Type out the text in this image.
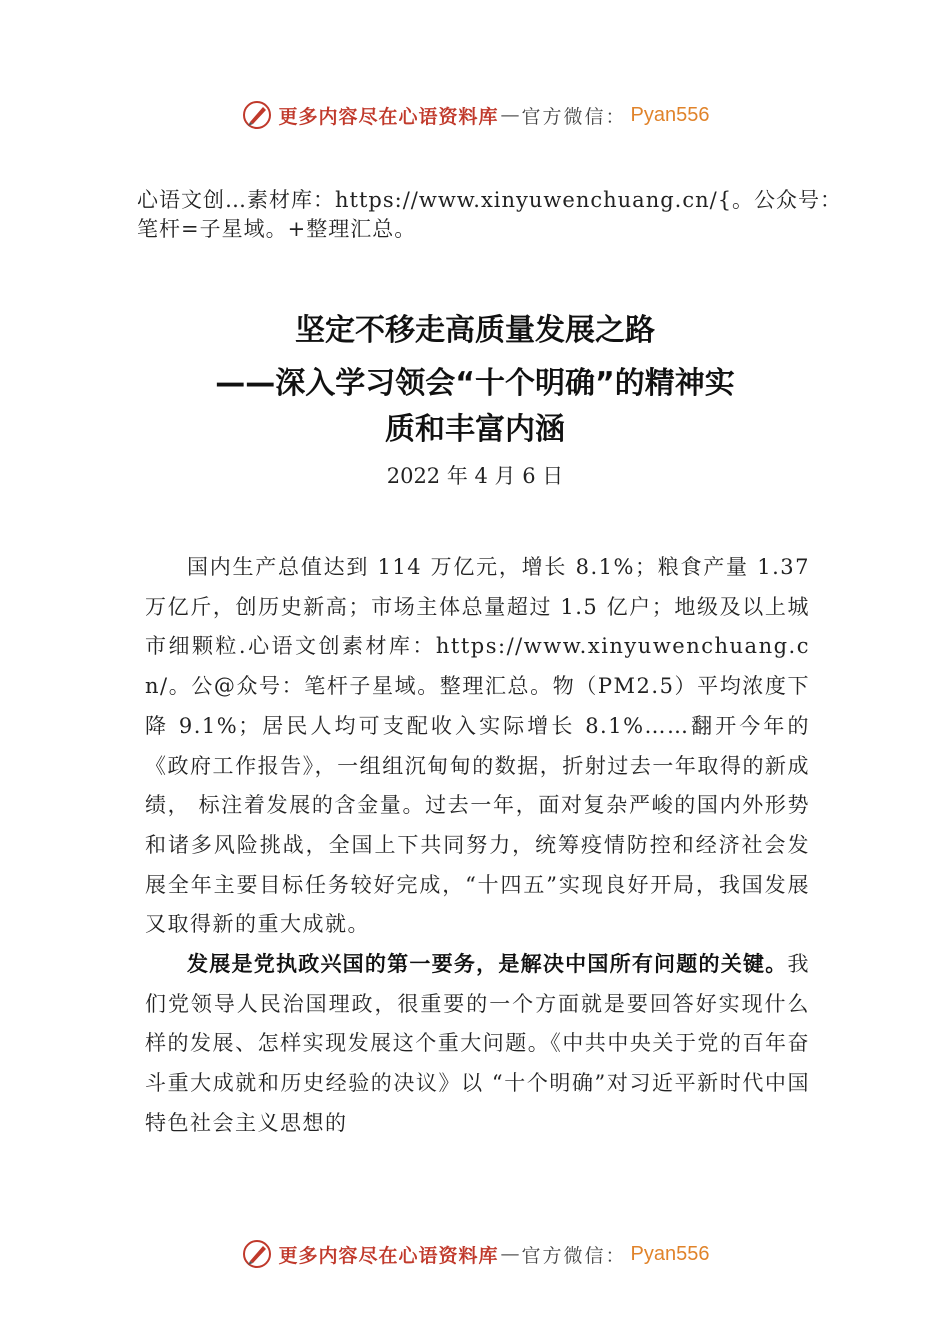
更多内容尽在心语资料库 — 官方微信： Pyan556
心语文创…素材库：https://www.xinyuwenchuang.cn/{。公众号：笔杆=子星域。+整理汇总。
坚定不移走高质量发展之路
——深入学习领会“十个明确”的精神实
质和丰富内涵
2022 年 4 月 6 日

国内生产总值达到 114 万亿元，增长 8.1%；粮食产量 1.37 万亿斤，创历史新高；市场主体总量超过 1.5 亿户；地级及以上城市细颗粒.心语文创素材库：https://www.xinyuwenchuang.cn/。公@众号：笔杆子星域。整理汇总。物（PM2.5）平均浓度下降 9.1%；居民人均可支配收入实际增长 8.1%……翻开今年的《政府工作报告》，一组组沉甸甸的数据，折射过去一年取得的新成绩， 标注着发展的含金量。过去一年，面对复杂严峻的国内外形势和诸多风险挑战，全国上下共同努力，统筹疫情防控和经济社会发展全年主要目标任务较好完成，“十四五”实现良好开局，我国发展又取得新的重大成就。

发展是党执政兴国的第一要务，是解决中国所有问题的关键。我们党领导人民治国理政，很重要的一个方面就是要回答好实现什么样的发展、怎样实现发展这个重大问题。《中共中央关于党的百年奋斗重大成就和历史经验的决议》以 “十个明确”对习近平新时代中国特色社会主义思想的

更多内容尽在心语资料库 — 官方微信： Pyan556
